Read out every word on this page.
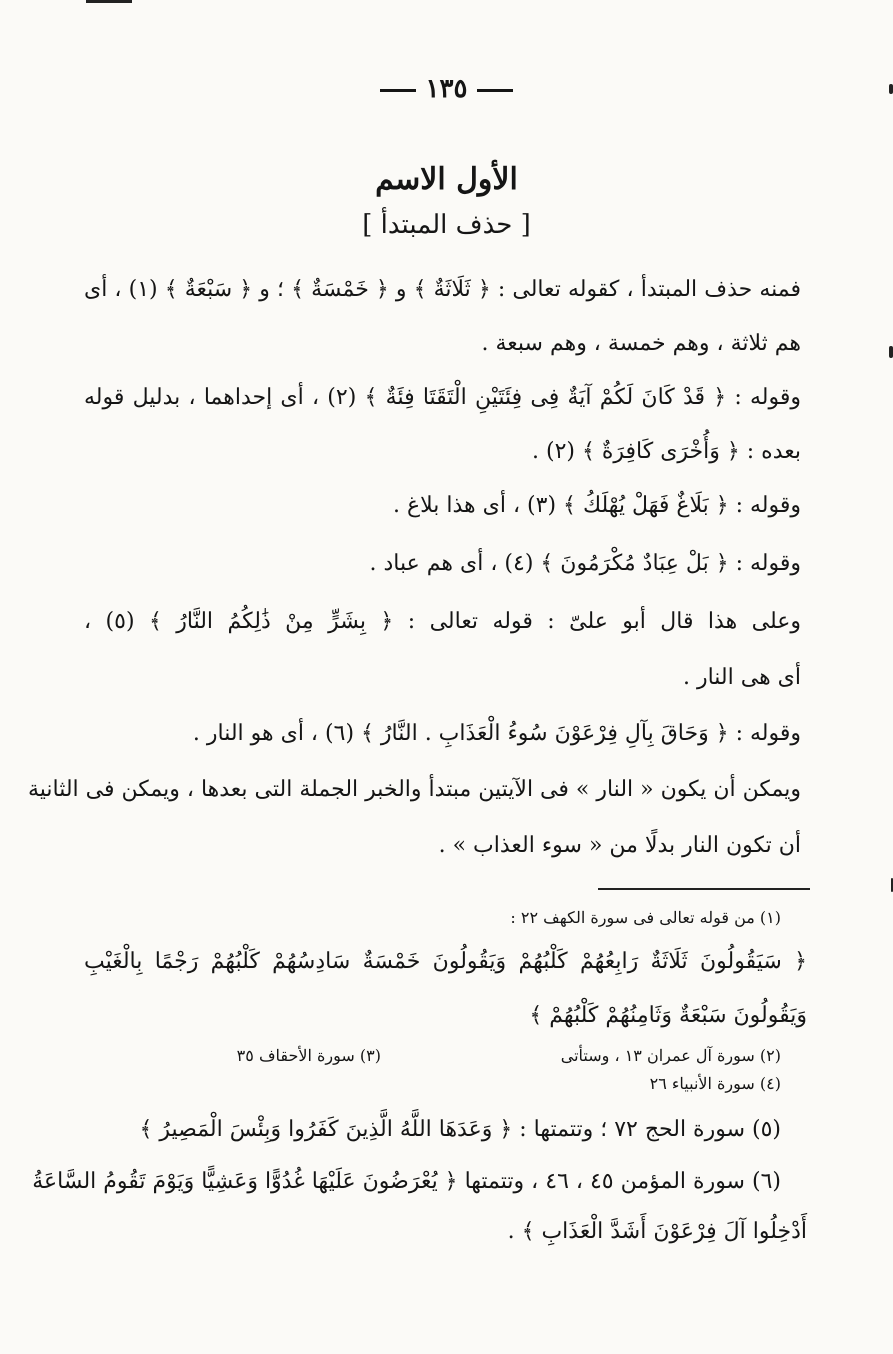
١٣٥
الأول الاسم
[ حذف المبتدأ ]
فمنه حذف المبتدأ ، كقوله تعالى : ﴿ ثَلَاثَةٌ ﴾ و ﴿ خَمْسَةٌ ﴾ ؛ و ﴿ سَبْعَةٌ ﴾ (١) ، أى
هم ثلاثة ، وهم خمسة ، وهم سبعة .
وقوله : ﴿ قَدْ كَانَ لَكُمْ آيَةٌ فِى فِئَتَيْنِ الْتَقَتَا فِئَةٌ ﴾ (٢) ، أى إحداهما ، بدليل قوله
بعده : ﴿ وَأُخْرَى كَافِرَةٌ ﴾ (٢) .
وقوله : ﴿ بَلَاغٌ فَهَلْ يُهْلَكُ ﴾ (٣) ، أى هذا بلاغ .
وقوله : ﴿ بَلْ عِبَادٌ مُكْرَمُونَ ﴾ (٤) ، أى هم عباد .
وعلى هذا قال أبو علىّ : قوله تعالى : ﴿ بِشَرٍّ مِنْ ذَٰلِكُمُ النَّارُ ﴾ (٥) ،
أى هى النار .
وقوله : ﴿ وَحَاقَ بِآلِ فِرْعَوْنَ سُوءُ الْعَذَابِ . النَّارُ ﴾ (٦) ، أى هو النار .
ويمكن أن يكون « النار » فى الآيتين مبتدأ والخبر الجملة التى بعدها ، ويمكن فى الثانية
أن تكون النار بدلًا من « سوء العذاب » .
(١) من قوله تعالى فى سورة الكهف ٢٢ :
﴿ سَيَقُولُونَ ثَلَاثَةٌ رَابِعُهُمْ كَلْبُهُمْ وَيَقُولُونَ خَمْسَةٌ سَادِسُهُمْ كَلْبُهُمْ رَجْمًا بِالْغَيْبِ
وَيَقُولُونَ سَبْعَةٌ وَثَامِنُهُمْ كَلْبُهُمْ ﴾
(٢) سورة آل عمران ١٣ ، وستأتى
(٣) سورة الأحقاف ٣٥
(٤) سورة الأنبياء ٢٦
(٥) سورة الحج ٧٢ ؛ وتتمتها : ﴿ وَعَدَهَا اللَّهُ الَّذِينَ كَفَرُوا وَبِئْسَ الْمَصِيرُ ﴾
(٦) سورة المؤمن ٤٥ ، ٤٦ ، وتتمتها ﴿ يُعْرَضُونَ عَلَيْهَا غُدُوًّا وَعَشِيًّا وَيَوْمَ تَقُومُ السَّاعَةُ
أَدْخِلُوا آلَ فِرْعَوْنَ أَشَدَّ الْعَذَابِ ﴾ .
